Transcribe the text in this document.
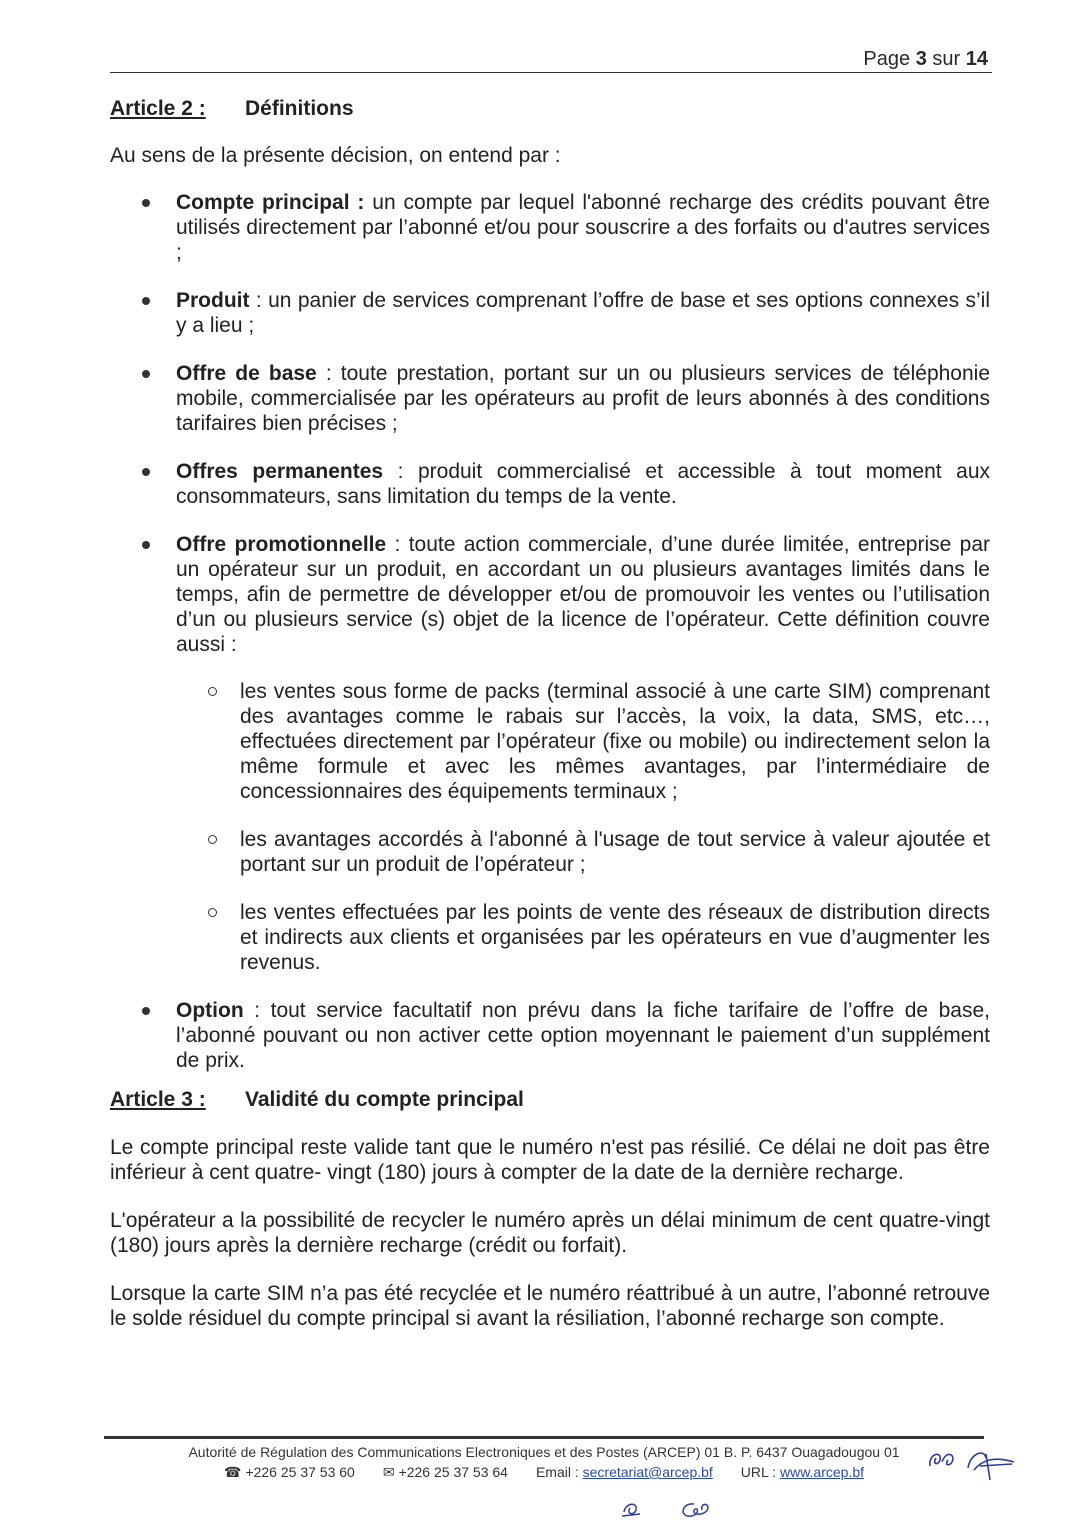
Page 3 sur 14
Article 2 :	Définitions

Au sens de la présente décision, on entend par :

Compte principal : un compte par lequel l'abonné recharge des crédits pouvant être utilisés directement par l’abonné et/ou pour souscrire a des forfaits ou d'autres services ;
Produit : un panier de services comprenant l’offre de base et ses options connexes s’il y a lieu ;
Offre de base : toute prestation, portant sur un ou plusieurs services de téléphonie mobile, commercialisée par les opérateurs au profit de leurs abonnés à des conditions tarifaires bien précises ;
Offres permanentes : produit commercialisé et accessible à tout moment aux consommateurs, sans limitation du temps de la vente.
Offre promotionnelle : toute action commerciale, d’une durée limitée, entreprise par un opérateur sur un produit, en accordant un ou plusieurs avantages limités dans le temps, afin de permettre de développer et/ou de promouvoir les ventes ou l’utilisation d’un ou plusieurs service (s) objet de la licence de l’opérateur. Cette définition couvre aussi :
les ventes sous forme de packs (terminal associé à une carte SIM) comprenant des avantages comme le rabais sur l’accès, la voix, la data, SMS, etc…, effectuées directement par l’opérateur (fixe ou mobile) ou indirectement selon la même formule et avec les mêmes avantages, par l’intermédiaire de concessionnaires des équipements terminaux ;
les avantages accordés à l'abonné à l'usage de tout service à valeur ajoutée et portant sur un produit de l’opérateur ;
les ventes effectuées par les points de vente des réseaux de distribution directs et indirects aux clients et organisées par les opérateurs en vue d’augmenter les revenus.
Option : tout service facultatif non prévu dans la fiche tarifaire de l’offre de base, l’abonné pouvant ou non activer cette option moyennant le paiement d’un supplément de prix.
Article 3 :	Validité du compte principal

Le compte principal reste valide tant que le numéro n'est pas résilié. Ce délai ne doit pas être inférieur à cent quatre- vingt (180) jours à compter de la date de la dernière recharge.

L'opérateur a la possibilité de recycler le numéro après un délai minimum de cent quatre-vingt (180) jours après la dernière recharge (crédit ou forfait).

Lorsque la carte SIM n’a pas été recyclée et le numéro réattribué à un autre, l’abonné retrouve le solde résiduel du compte principal si avant la résiliation, l’abonné recharge son compte.

Autorité de Régulation des Communications Electroniques et des Postes (ARCEP) 01 B. P. 6437 Ouagadougou 01
☎ +226 25 37 53 60
✉	+226 25 37 53 64 Email : secretariat@arcep.bf URL : www.arcep.bf
